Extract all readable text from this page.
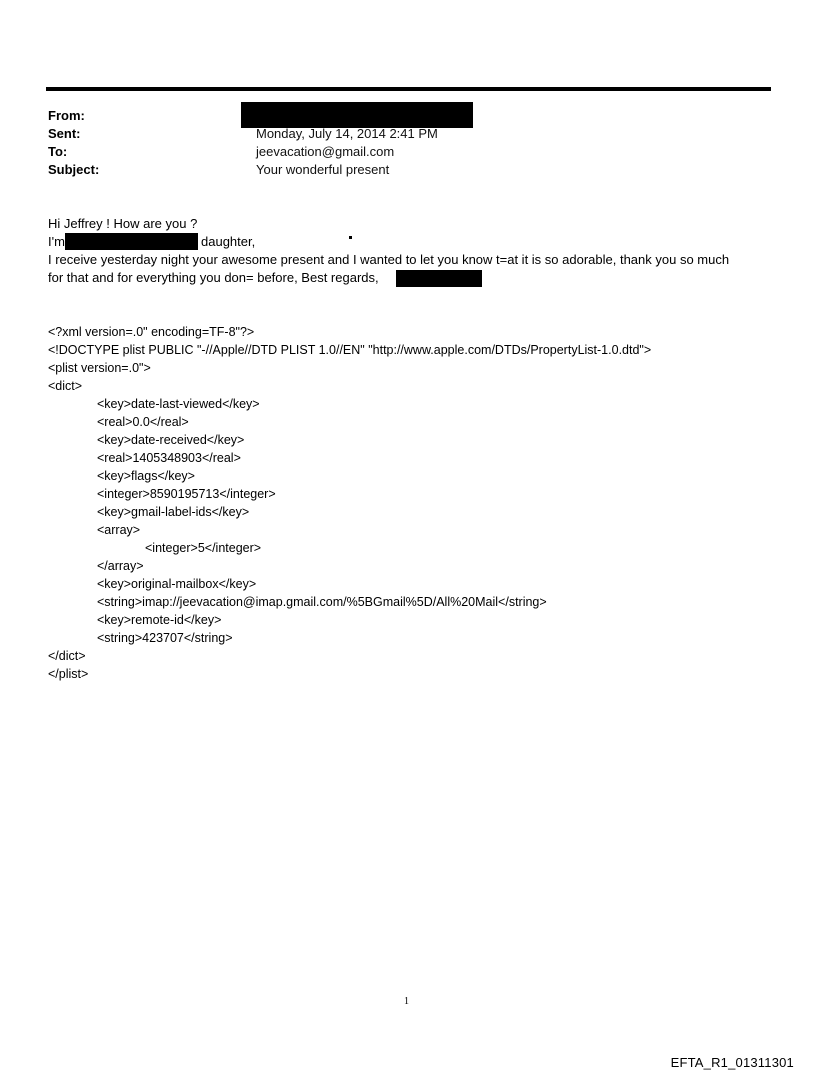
From:
Sent:	Monday, July 14, 2014 2:41 PM
To:	jeevacation@gmail.com
Subject:	Your wonderful present
Hi Jeffrey ! How are you ?
I'm	daughter,
I receive yesterday night your awesome present and I wanted to let you know t=at it is so adorable, thank you so much
for that and for everything you don= before, Best regards,
<?xml version=.0" encoding=TF-8"?>
<!DOCTYPE plist PUBLIC "-//Apple//DTD PLIST 1.0//EN" "http://www.apple.com/DTDs/PropertyList-1.0.dtd">
<plist version=.0">
<dict>
<key>date-last-viewed</key>
<real>0.0</real>
<key>date-received</key>
<real>1405348903</real>
<key>flags</key>
<integer>8590195713</integer>
<key>gmail-label-ids</key>
<array>
<integer>5</integer>
</array>
<key>original-mailbox</key>
<string>imap://jeevacation@imap.gmail.com/%5BGmail%5D/All%20Mail</string>
<key>remote-id</key>
<string>423707</string>
</dict>
</plist>
1
EFTA_R1_01311301
